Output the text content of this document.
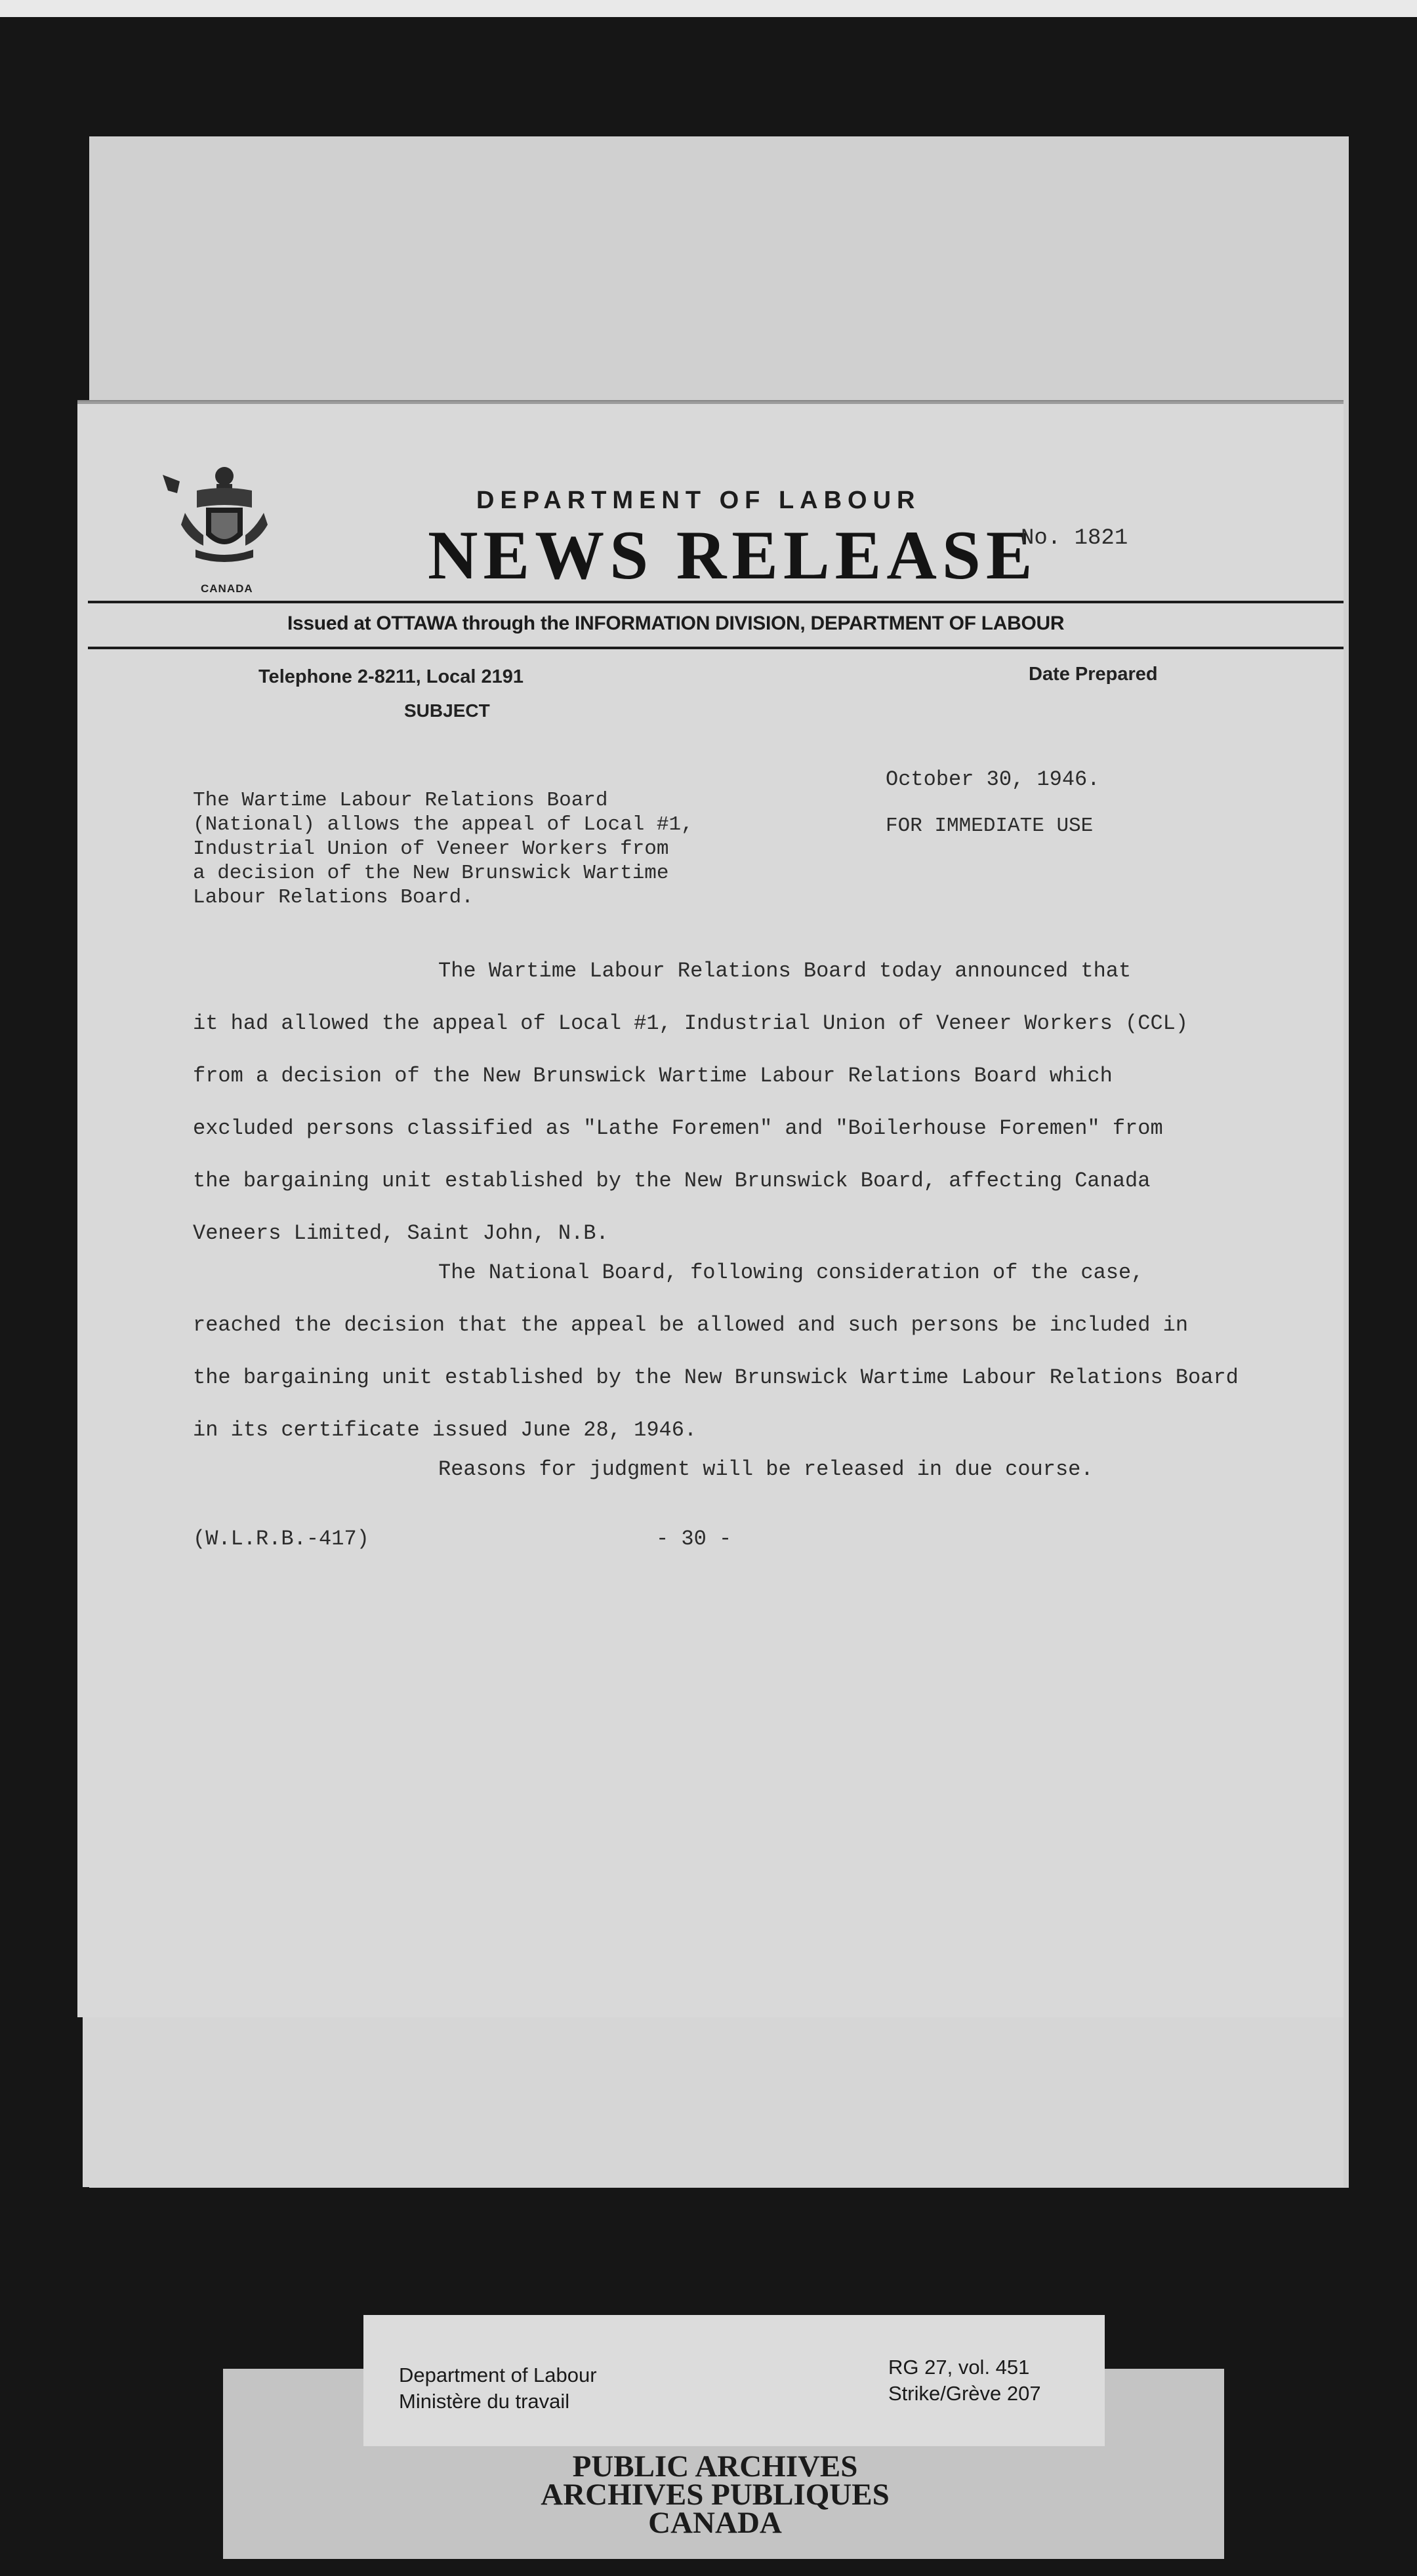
CANADA
DEPARTMENT OF LABOUR
NEWS RELEASE
No. 1821
Issued at OTTAWA through the INFORMATION DIVISION, DEPARTMENT OF LABOUR
Telephone 2-8211, Local 2191
SUBJECT
Date Prepared
The Wartime Labour Relations Board
(National) allows the appeal of Local #1,
Industrial Union of Veneer Workers from
a decision of the New Brunswick Wartime
Labour Relations Board.
October 30, 1946.
FOR IMMEDIATE USE
The Wartime Labour Relations Board today announced that
it had allowed the appeal of Local #1, Industrial Union of Veneer Workers (CCL)
from a decision of the New Brunswick Wartime Labour Relations Board which
excluded persons classified as "Lathe Foremen" and "Boilerhouse Foremen" from
the bargaining unit established by the New Brunswick Board, affecting Canada
Veneers Limited, Saint John, N.B.
The National Board, following consideration of the case,
reached the decision that the appeal be allowed and such persons be included in
the bargaining unit established by the New Brunswick Wartime Labour Relations Board
in its certificate issued June 28, 1946.
Reasons for judgment will be released in due course.
(W.L.R.B.-417)	- 30 -
Department of Labour
Ministère du travail
RG 27, vol. 451
Strike/Grève 207
PUBLIC ARCHIVES
ARCHIVES PUBLIQUES
CANADA
